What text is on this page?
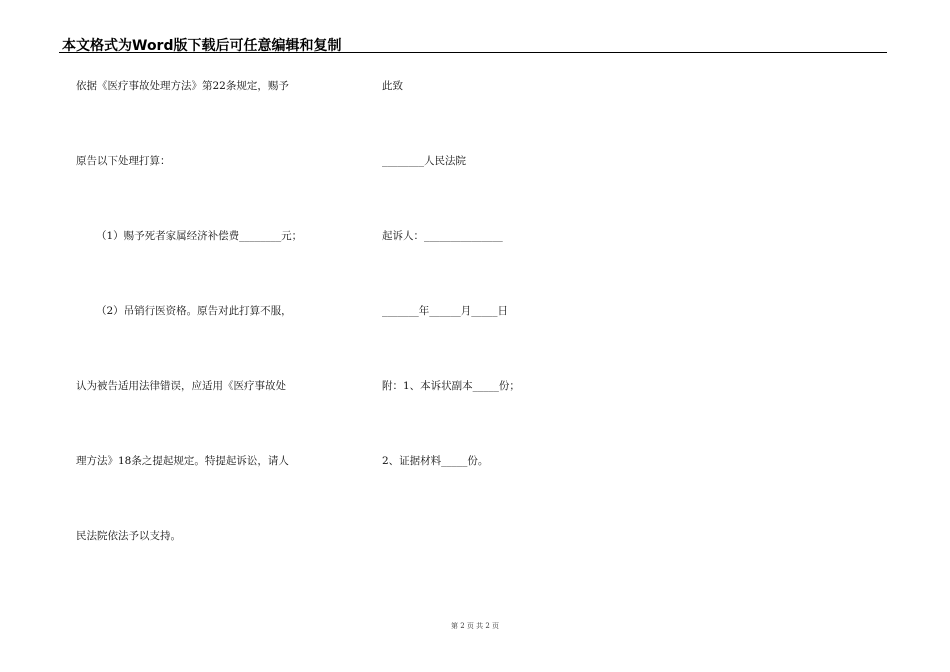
本文格式为Word版下载后可任意编辑和复制
依据《医疗事故处理方法》第22条规定，赐予
原告以下处理打算：
（1）赐予死者家属经济补偿费________元；
（2）吊销行医资格。原告对此打算不服，
认为被告适用法律错误，应适用《医疗事故处
理方法》18条之提起规定。特提起诉讼，请人
民法院依法予以支持。
此致
________人民法院
起诉人：_______________
_______年______月_____日
附：1、本诉状副本_____份；
2、证据材料_____份。
第 2 页 共 2 页
